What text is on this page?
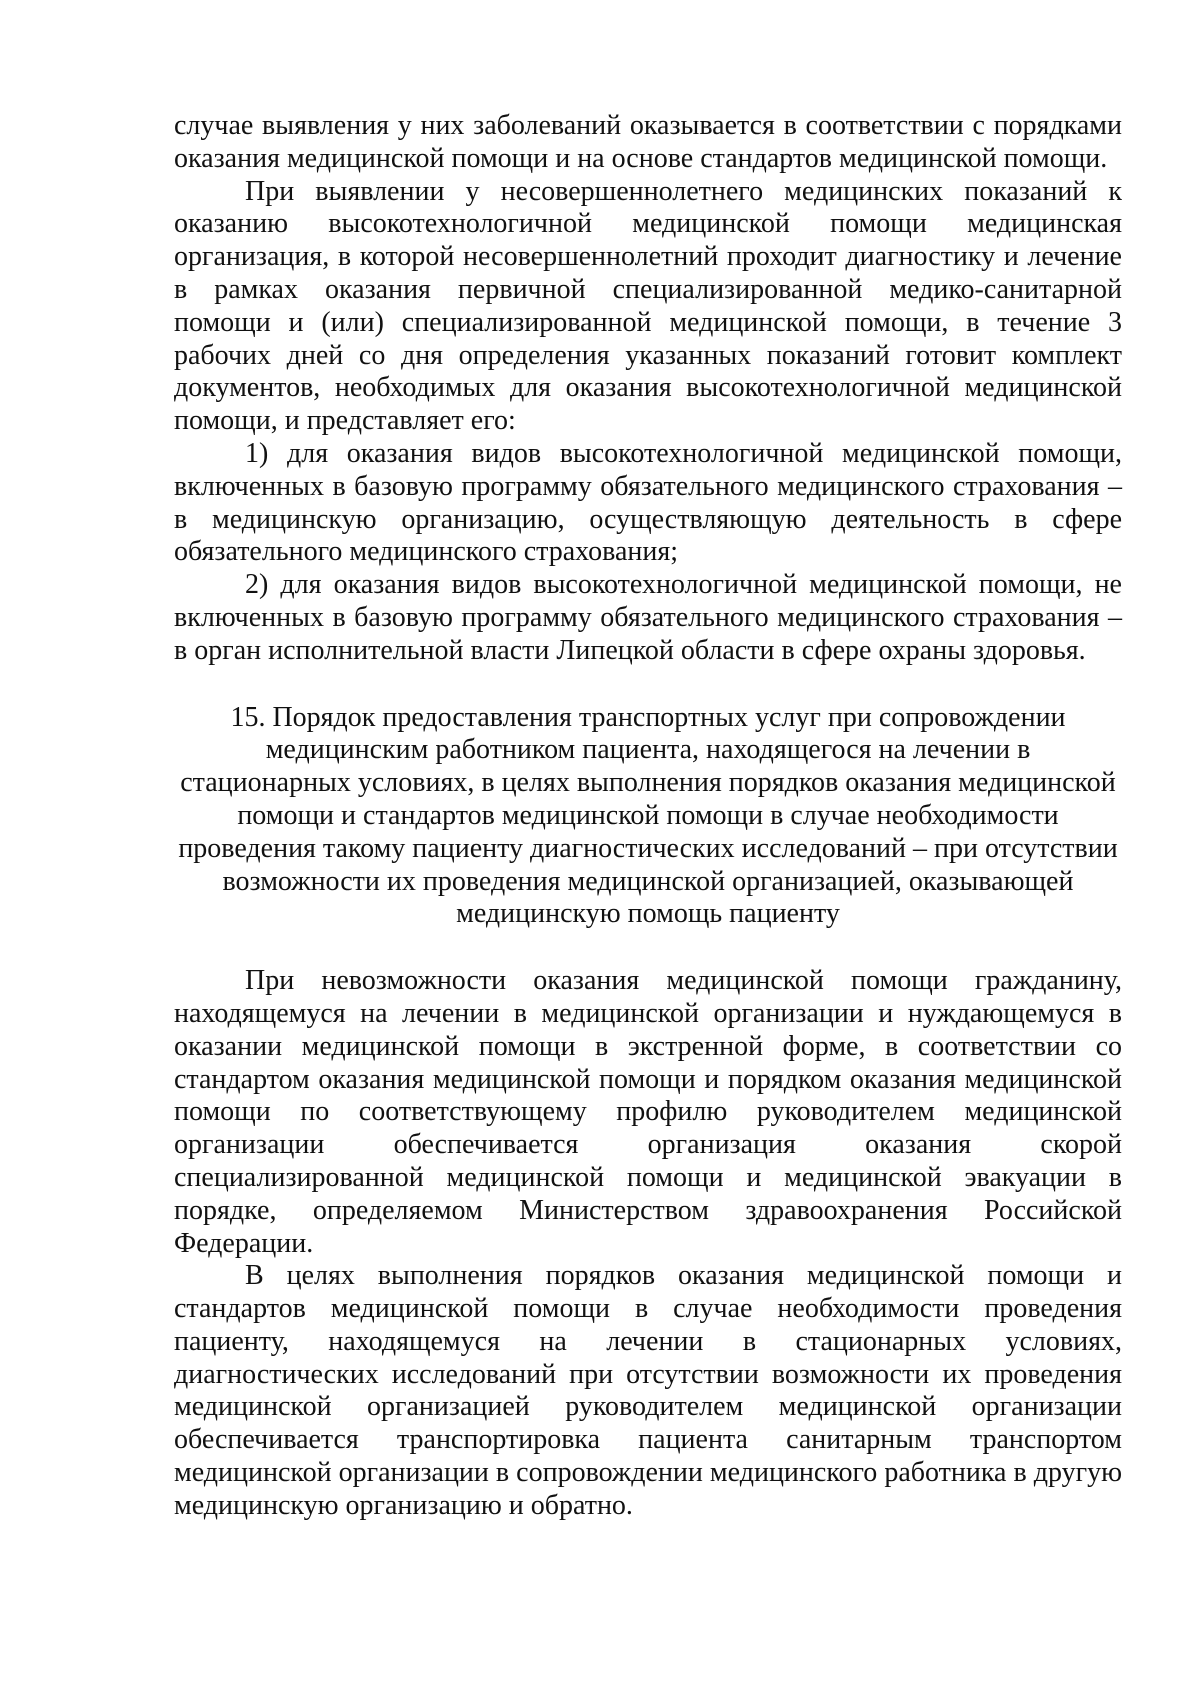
случае выявления у них заболеваний оказывается в соответствии с порядками оказания медицинской помощи и на основе стандартов медицинской помощи.

При выявлении у несовершеннолетнего медицинских показаний к оказанию высокотехнологичной медицинской помощи медицинская организация, в которой несовершеннолетний проходит диагностику и лечение в рамках оказания первичной специализированной медико-санитарной помощи и (или) специализированной медицинской помощи, в течение 3 рабочих дней со дня определения указанных показаний готовит комплект документов, необходимых для оказания высокотехнологичной медицинской помощи, и представляет его:

1) для оказания видов высокотехнологичной медицинской помощи, включенных в базовую программу обязательного медицинского страхования – в медицинскую организацию, осуществляющую деятельность в сфере обязательного медицинского страхования;

2) для оказания видов высокотехнологичной медицинской помощи, не включенных в базовую программу обязательного медицинского страхования – в орган исполнительной власти Липецкой области в сфере охраны здоровья.

15. Порядок предоставления транспортных услуг при сопровождении медицинским работником пациента, находящегося на лечении в стационарных условиях, в целях выполнения порядков оказания медицинской помощи и стандартов медицинской помощи в случае необходимости проведения такому пациенту диагностических исследований – при отсутствии возможности их проведения медицинской организацией, оказывающей медицинскую помощь пациенту

При невозможности оказания медицинской помощи гражданину, находящемуся на лечении в медицинской организации и нуждающемуся в оказании медицинской помощи в экстренной форме, в соответствии со стандартом оказания медицинской помощи и порядком оказания медицинской помощи по соответствующему профилю руководителем медицинской организации обеспечивается организация оказания скорой специализированной медицинской помощи и медицинской эвакуации в порядке, определяемом Министерством здравоохранения Российской Федерации.

В целях выполнения порядков оказания медицинской помощи и стандартов медицинской помощи в случае необходимости проведения пациенту, находящемуся на лечении в стационарных условиях, диагностических исследований при отсутствии возможности их проведения медицинской организацией руководителем медицинской организации обеспечивается транспортировка пациента санитарным транспортом медицинской организации в сопровождении медицинского работника в другую медицинскую организацию и обратно.
